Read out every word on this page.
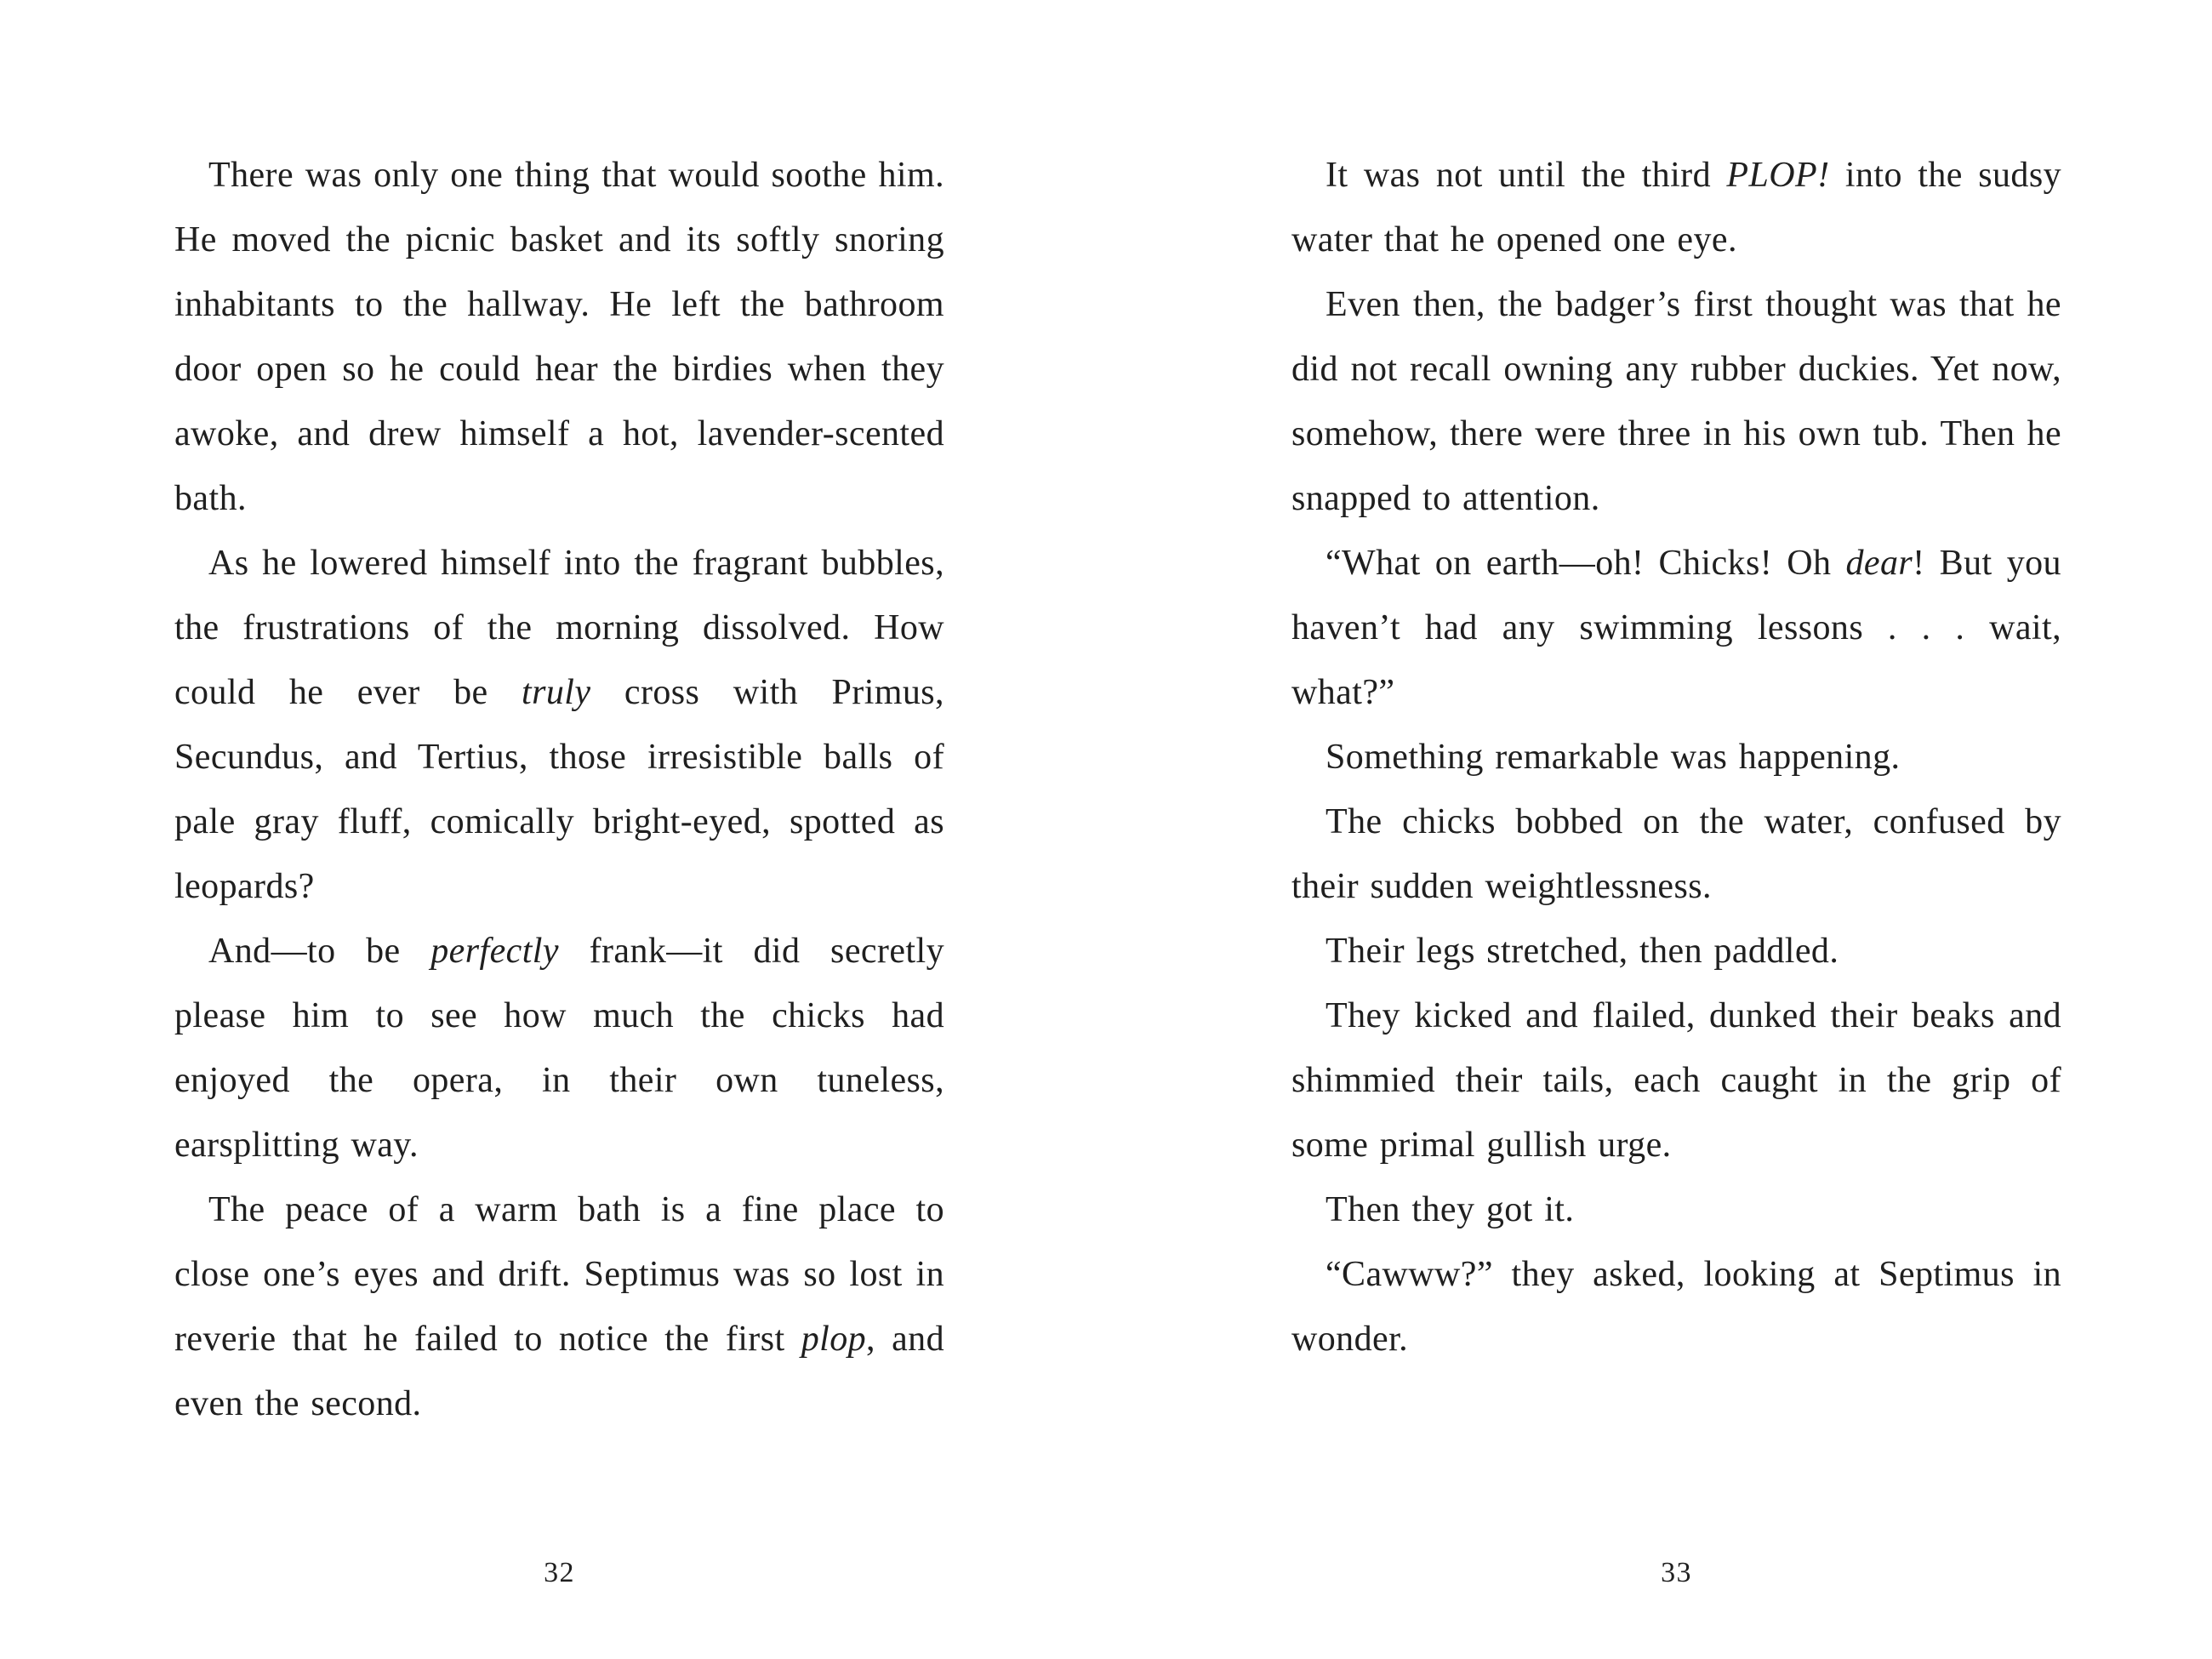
There was only one thing that would soothe him. He moved the picnic basket and its softly snoring inhabitants to the hallway. He left the bathroom door open so he could hear the birdies when they awoke, and drew himself a hot, lavender-scented bath.

As he lowered himself into the fragrant bubbles, the frustrations of the morning dissolved. How could he ever be truly cross with Primus, Secundus, and Tertius, those irresistible balls of pale gray fluff, comically bright-eyed, spotted as leopards?

And—to be perfectly frank—it did secretly please him to see how much the chicks had enjoyed the opera, in their own tuneless, earsplitting way.

The peace of a warm bath is a fine place to close one’s eyes and drift. Septimus was so lost in reverie that he failed to notice the first plop, and even the second.

32

It was not until the third PLOP! into the sudsy water that he opened one eye.

Even then, the badger’s first thought was that he did not recall owning any rubber duckies. Yet now, somehow, there were three in his own tub. Then he snapped to attention.

“What on earth—oh! Chicks! Oh dear! But you haven’t had any swimming lessons . . . wait, what?”

Something remarkable was happening.

The chicks bobbed on the water, confused by their sudden weightlessness.

Their legs stretched, then paddled.

They kicked and flailed, dunked their beaks and shimmied their tails, each caught in the grip of some primal gullish urge.

Then they got it.

“Cawww?” they asked, looking at Septimus in wonder.

33
